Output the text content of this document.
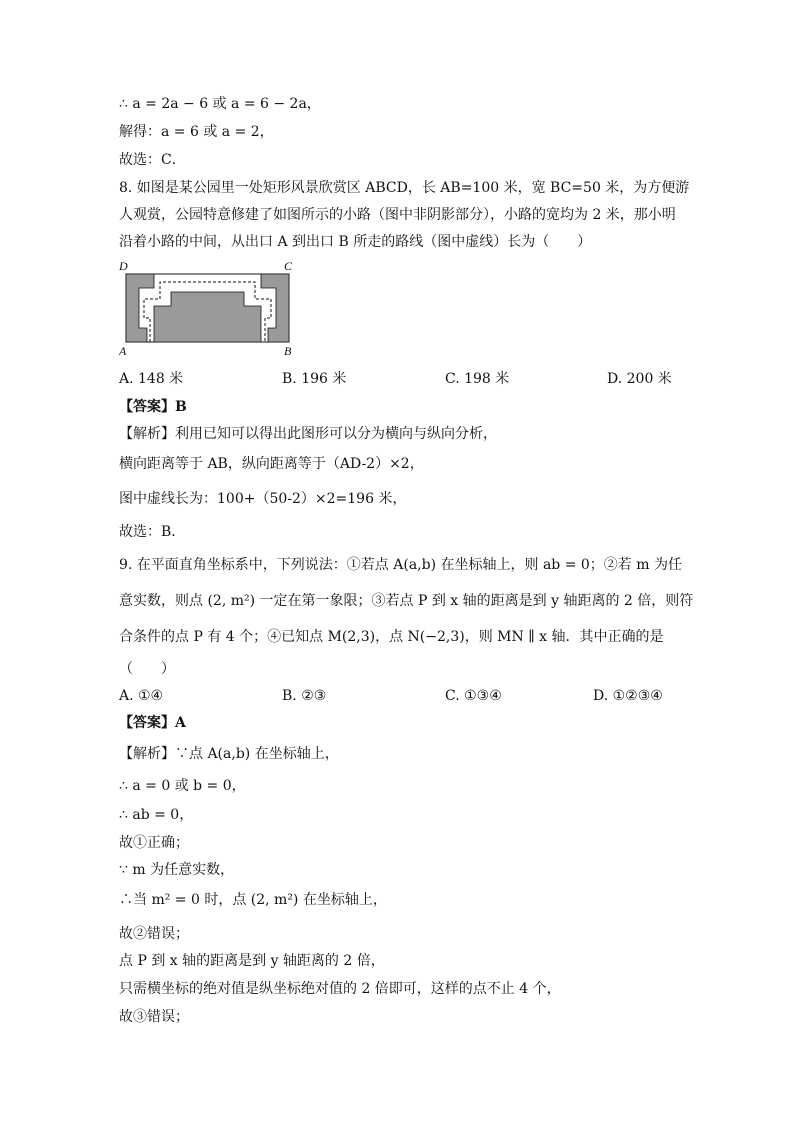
∴ a = 2a − 6 或 a = 6 − 2a，
解得：a = 6 或 a = 2，
故选：C．
8. 如图是某公园里一处矩形风景欣赏区 ABCD，长 AB=100 米，宽 BC=50 米，为方便游
人观赏，公园特意修建了如图所示的小路（图中非阴影部分），小路的宽均为 2 米，那小明
沿着小路的中间，从出口 A 到出口 B 所走的路线（图中虚线）长为（　　）
D	C
A	B
A. 148 米	B. 196 米	C. 198 米	D. 200 米
【答案】B
【解析】利用已知可以得出此图形可以分为横向与纵向分析，
横向距离等于 AB，纵向距离等于（AD-2）×2，
图中虚线长为：100+（50-2）×2=196 米，
故选：B．
9. 在平面直角坐标系中，下列说法：①若点 A(a,b) 在坐标轴上，则 ab = 0；②若 m 为任
意实数，则点 (2, m²) 一定在第一象限；③若点 P 到 x 轴的距离是到 y 轴距离的 2 倍，则符
合条件的点 P 有 4 个；④已知点 M(2,3)，点 N(−2,3)，则 MN ∥ x 轴．其中正确的是
（　　）
A. ①④	B. ②③	C. ①③④	D. ①②③④
【答案】A
【解析】∵点 A(a,b) 在坐标轴上，
∴ a = 0 或 b = 0，
∴ ab = 0，
故①正确；
∵ m 为任意实数，
∴当 m² = 0 时，点 (2, m²) 在坐标轴上，
故②错误；
点 P 到 x 轴的距离是到 y 轴距离的 2 倍，
只需横坐标的绝对值是纵坐标绝对值的 2 倍即可，这样的点不止 4 个，
故③错误；
